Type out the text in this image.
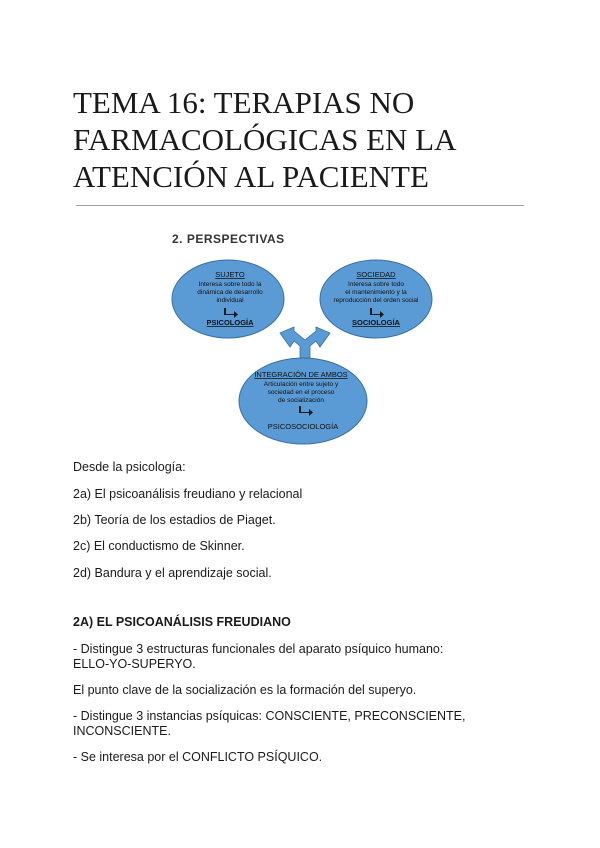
TEMA 16: TERAPIAS NO
FARMACOLÓGICAS EN LA
ATENCIÓN AL PACIENTE
2. PERSPECTIVAS
SUJETO
Interesa sobre todo la
dinámica de desarrollo
individual
PSICOLOGÍA
SOCIEDAD
Interesa sobre todo
el mantenimiento y la
reproducción del orden social
SOCIOLOGÍA
INTEGRACIÓN DE AMBOS
Articulación entre sujeto y
sociedad en el proceso
de socialización
PSICOSOCIOLOGÍA

Desde la psicología:

2a) El psicoanálisis freudiano y relacional

2b) Teoría de los estadios de Piaget.

2c) El conductismo de Skinner.

2d) Bandura y el aprendizaje social.

2A) EL PSICOANÁLISIS FREUDIANO

- Distingue 3 estructuras funcionales del aparato psíquico humano:

ELLO-YO-SUPERYO.

El punto clave de la socialización es la formación del superyo.

- Distingue 3 instancias psíquicas: CONSCIENTE, PRECONSCIENTE,

INCONSCIENTE.

- Se interesa por el CONFLICTO PSÍQUICO.
